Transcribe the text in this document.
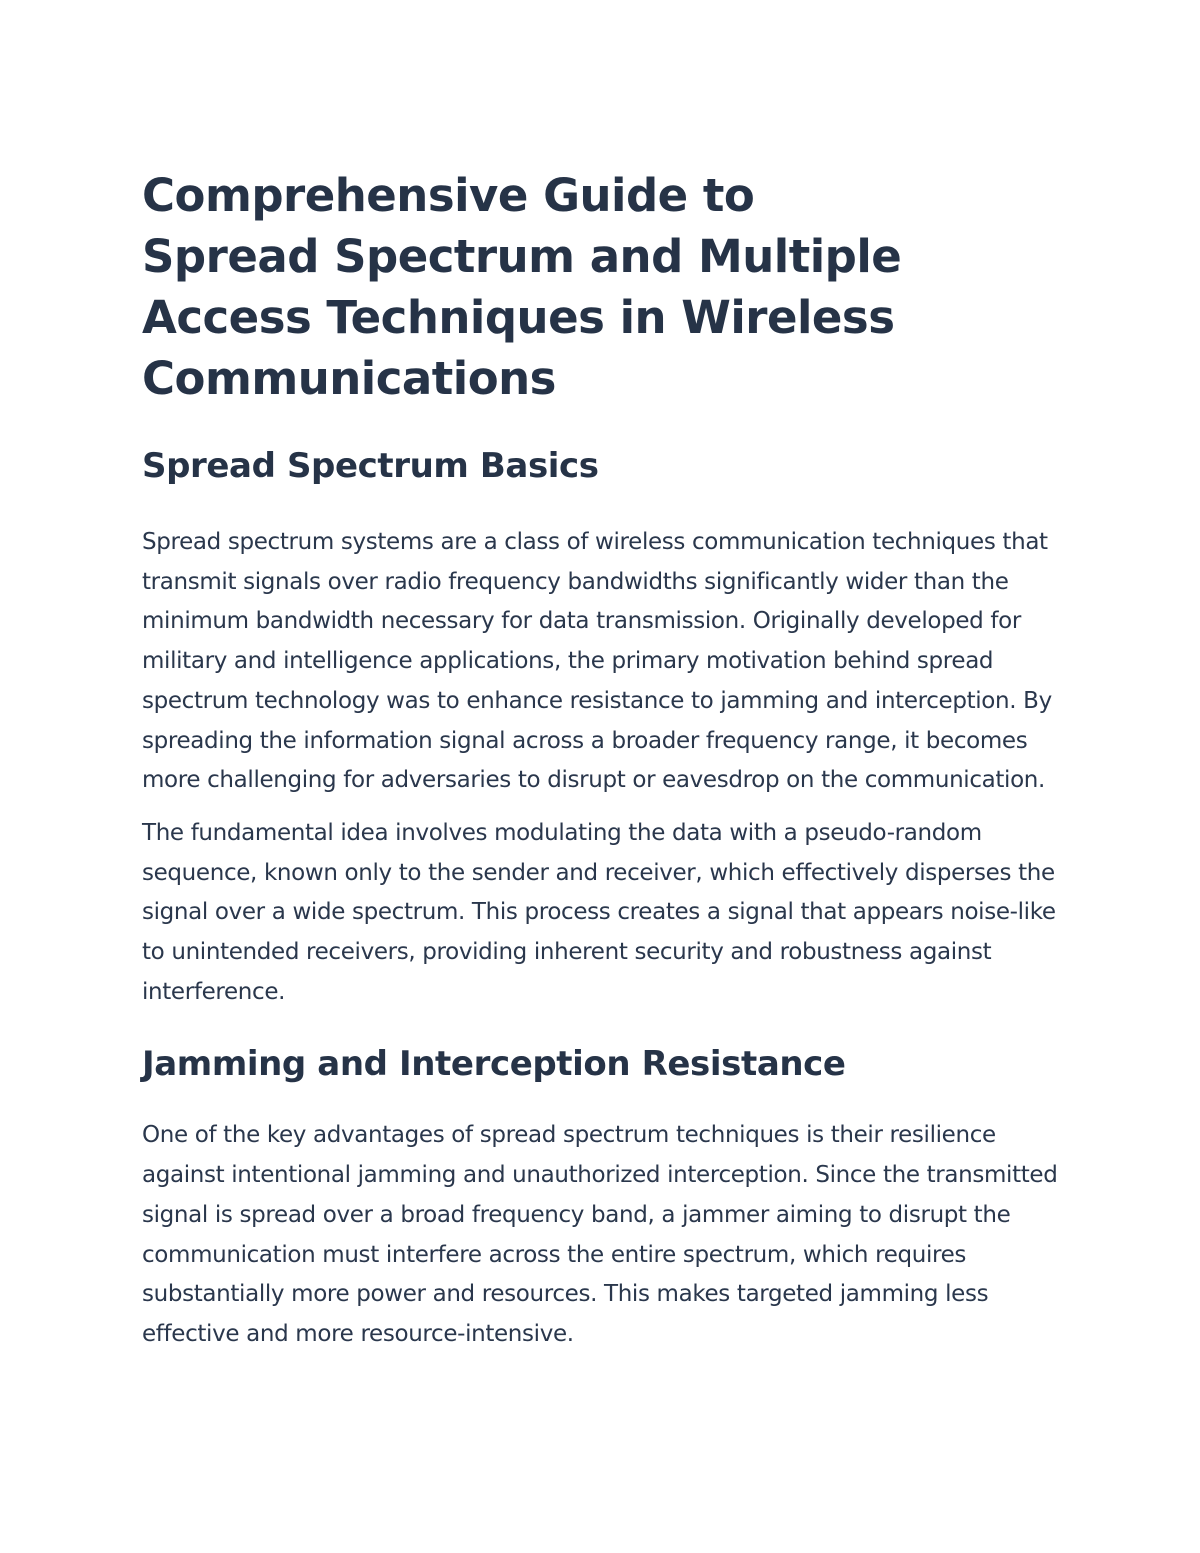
Comprehensive Guide to Spread Spectrum and Multiple Access Techniques in Wireless Communications
Spread Spectrum Basics

Spread spectrum systems are a class of wireless communication techniques that transmit signals over radio frequency bandwidths significantly wider than the minimum bandwidth necessary for data transmission. Originally developed for military and intelligence applications, the primary motivation behind spread spectrum technology was to enhance resistance to jamming and interception. By spreading the information signal across a broader frequency range, it becomes more challenging for adversaries to disrupt or eavesdrop on the communication.

The fundamental idea involves modulating the data with a pseudo-random sequence, known only to the sender and receiver, which effectively disperses the signal over a wide spectrum. This process creates a signal that appears noise-like to unintended receivers, providing inherent security and robustness against interference.

Jamming and Interception Resistance

One of the key advantages of spread spectrum techniques is their resilience against intentional jamming and unauthorized interception. Since the transmitted signal is spread over a broad frequency band, a jammer aiming to disrupt the communication must interfere across the entire spectrum, which requires substantially more power and resources. This makes targeted jamming less effective and more resource-intensive.
